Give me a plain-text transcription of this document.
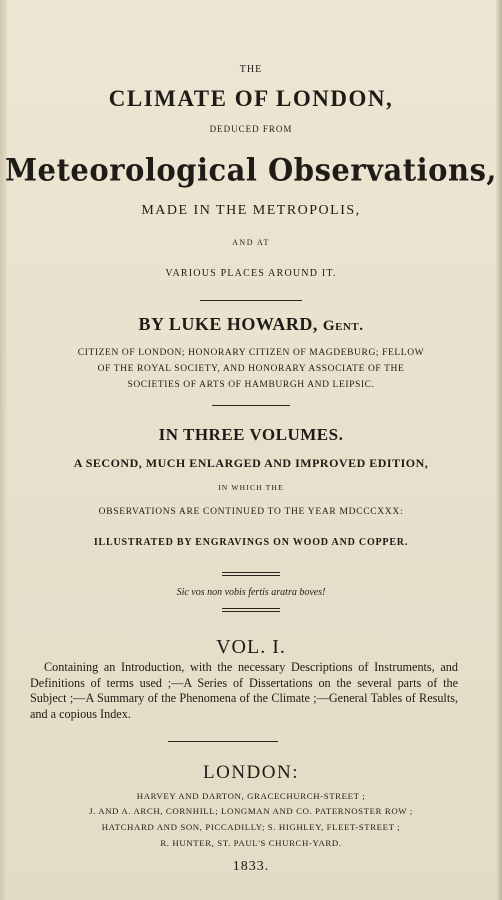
THE
CLIMATE OF LONDON,
DEDUCED FROM
Meteorological Observations,
MADE IN THE METROPOLIS,
AND AT
VARIOUS PLACES AROUND IT.
BY LUKE HOWARD, Gent.
CITIZEN OF LONDON; HONORARY CITIZEN OF MAGDEBURG; FELLOW
OF THE ROYAL SOCIETY, AND HONORARY ASSOCIATE OF THE
SOCIETIES OF ARTS OF HAMBURGH AND LEIPSIC.
IN THREE VOLUMES.
A SECOND, MUCH ENLARGED AND IMPROVED EDITION,
IN WHICH THE
OBSERVATIONS ARE CONTINUED TO THE YEAR MDCCCXXX:
ILLUSTRATED BY ENGRAVINGS ON WOOD AND COPPER.
Sic vos non vobis fertis aratra boves!
VOL. I.

Containing an Introduction, with the necessary Descriptions of Instruments, and Definitions of terms used ;—A Series of Dissertations on the several parts of the Subject ;—A Summary of the Phenomena of the Climate ;—General Tables of Results, and a copious Index.

LONDON:
HARVEY AND DARTON, GRACECHURCH-STREET ;
J. AND A. ARCH, CORNHILL; LONGMAN AND CO. PATERNOSTER ROW ;
HATCHARD AND SON, PICCADILLY; S. HIGHLEY, FLEET-STREET ;
R. HUNTER, ST. PAUL'S CHURCH-YARD.
1833.
